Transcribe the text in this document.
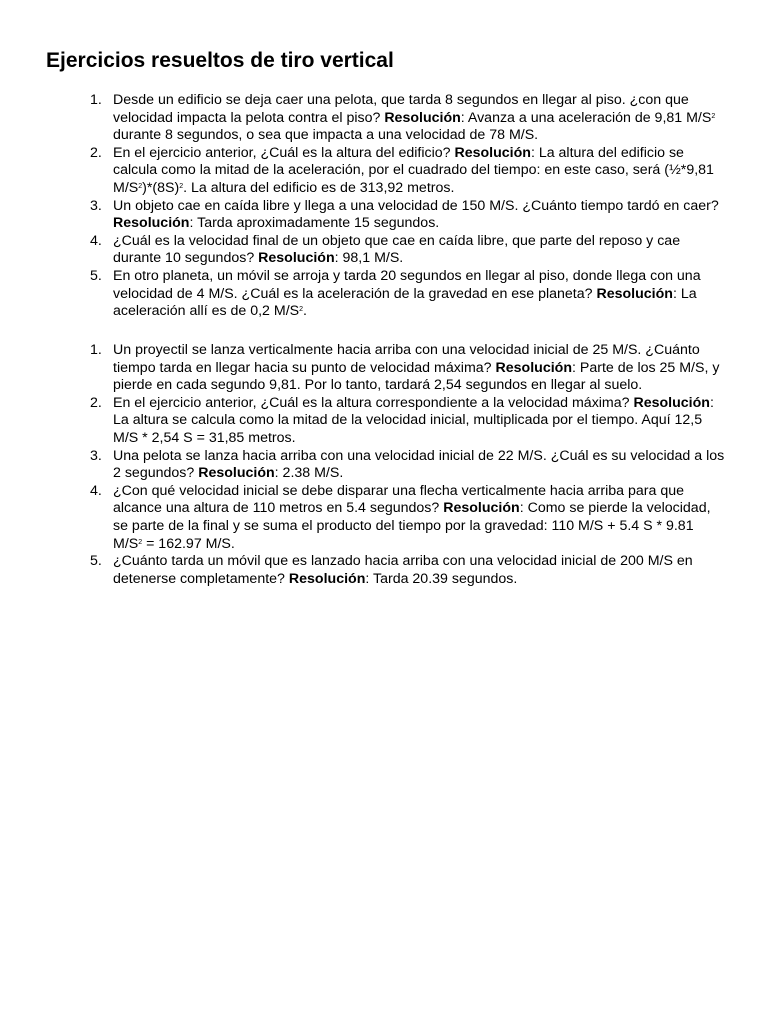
Ejercicios resueltos de tiro vertical
1. Desde un edificio se deja caer una pelota, que tarda 8 segundos en llegar al piso. ¿con que velocidad impacta la pelota contra el piso? Resolución: Avanza a una aceleración de 9,81 $M/S^2$ durante 8 segundos, o sea que impacta a una velocidad de 78 M/S.
2. En el ejercicio anterior, ¿Cuál es la altura del edificio? Resolución: La altura del edificio se calcula como la mitad de la aceleración, por el cuadrado del tiempo: en este caso, será (½*9,81 $M/S^2)*(8S)^2$. La altura del edificio es de 313,92 metros.
3. Un objeto cae en caída libre y llega a una velocidad de 150 M/S. ¿Cuánto tiempo tardó en caer? Resolución: Tarda aproximadamente 15 segundos.
4. ¿Cuál es la velocidad final de un objeto que cae en caída libre, que parte del reposo y cae durante 10 segundos? Resolución: 98,1 M/S.
5. En otro planeta, un móvil se arroja y tarda 20 segundos en llegar al piso, donde llega con una velocidad de 4 M/S. ¿Cuál es la aceleración de la gravedad en ese planeta? Resolución: La aceleración allí es de 0,2 $M/S^2$.
1. Un proyectil se lanza verticalmente hacia arriba con una velocidad inicial de 25 M/S. ¿Cuánto tiempo tarda en llegar hacia su punto de velocidad máxima? Resolución: Parte de los 25 M/S, y pierde en cada segundo 9,81. Por lo tanto, tardará 2,54 segundos en llegar al suelo.
2. En el ejercicio anterior, ¿Cuál es la altura correspondiente a la velocidad máxima? Resolución: La altura se calcula como la mitad de la velocidad inicial, multiplicada por el tiempo. Aquí 12,5 M/S * 2,54 S = 31,85 metros.
3. Una pelota se lanza hacia arriba con una velocidad inicial de 22 M/S. ¿Cuál es su velocidad a los 2 segundos? Resolución: 2.38 M/S.
4. ¿Con qué velocidad inicial se debe disparar una flecha verticalmente hacia arriba para que alcance una altura de 110 metros en 5.4 segundos? Resolución: Como se pierde la velocidad, se parte de la final y se suma el producto del tiempo por la gravedad: 110 M/S + 5.4 S * 9.81 $M/S^2 = 162.97$ M/S.
5. ¿Cuánto tarda un móvil que es lanzado hacia arriba con una velocidad inicial de 200 M/S en detenerse completamente? Resolución: Tarda 20.39 segundos.
